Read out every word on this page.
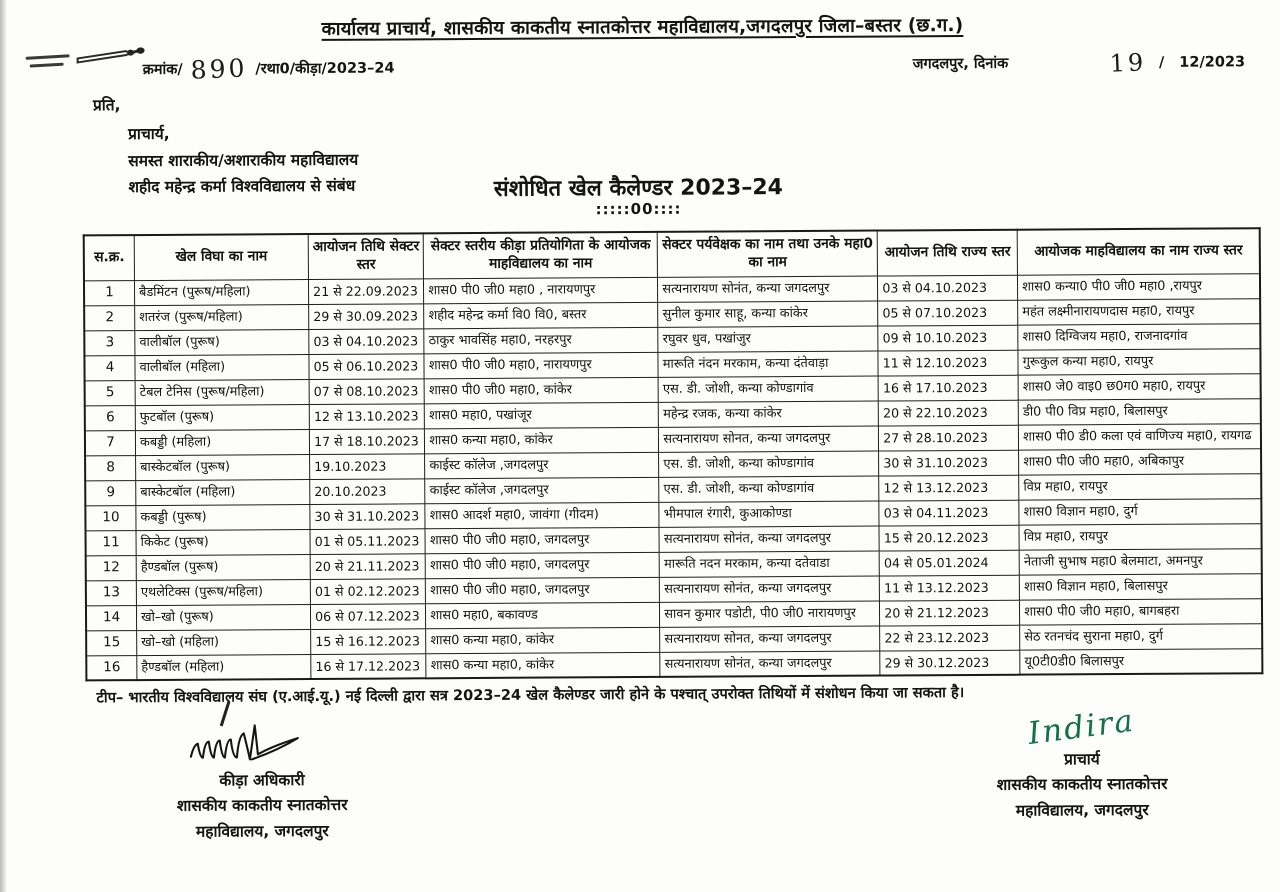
कार्यालय प्राचार्य, शासकीय काकतीय स्नातकोत्तर महाविद्यालय,जगदलपुर जिला–बस्तर (छ.ग.)
क्रमांक/ 890 /रथा0/कीड़ा/2023–24	जगदलपुर, दिनांक	19 / 12/2023
प्रति,
प्राचार्य,
समस्त शाराकीय/अशाराकीय महाविद्यालय
शहीद महेन्द्र कर्मा विश्वविद्यालय से संबंध	संशोधित खेल कैलेण्डर 2023–24
:::::00::::
स.क्र.	खेल विघा का नाम	आयोजन तिथि सेक्टर स्तर	सेक्टर स्तरीय कीड़ा प्रतियोगिता के आयोजक माहविद्यालय का नाम	सेक्टर पर्यवेक्षक का नाम तथा उनके महा0 का नाम	आयोजन तिथि राज्य स्तर	आयोजक माहविद्यालय का नाम राज्य स्तर
1	बैडमिंटन (पुरूष/महिला)	21 से 22.09.2023	शास0 पी0 जी0 महा0 , नारायणपुर	सत्यनारायण सोनंत, कन्या जगदलपुर	03 से 04.10.2023	शास0 कन्या0 पी0 जी0 महा0 ,रायपुर
2	शतरंज (पुरूष/महिला)	29 से 30.09.2023	शहीद महेन्द्र कर्मा वि0 वि0, बस्तर	सुनील कुमार साहू, कन्या कांकेर	05 से 07.10.2023	महंत लक्ष्मीनारायणदास महा0, रायपुर
3	वालीबॉल (पुरूष)	03 से 04.10.2023	ठाकुर भावसिंह महा0, नरहरपुर	रघुवर धुव, पखांजुर	09 से 10.10.2023	शास0 दिग्विजय महा0, राजनादगांव
4	वालीबॉल (महिला)	05 से 06.10.2023	शास0 पी0 जी0 महा0, नारायणपुर	मारूति नंदन मरकाम, कन्या दंतेवाड़ा	11 से 12.10.2023	गुरूकुल कन्या महा0, रायपुर
5	टेबल टेनिस (पुरूष/महिला)	07 से 08.10.2023	शास0 पी0 जी0 महा0, कांकेर	एस. डी. जोशी, कन्या कोण्डागांव	16 से 17.10.2023	शास0 जे0 वाइ0 छ0ग0 महा0, रायपुर
6	फुटबॉल (पुरूष)	12 से 13.10.2023	शास0 महा0, पखांजूर	महेन्द्र रजक, कन्या कांकेर	20 से 22.10.2023	डी0 पी0 विप्र महा0, बिलासपुर
7	कबड्डी (महिला)	17 से 18.10.2023	शास0 कन्या महा0, कांकेर	सत्यनारायण सोनत, कन्या जगदलपुर	27 से 28.10.2023	शास0 पी0 डी0 कला एवं वाणिज्य महा0, रायगढ
8	बास्केटबॉल (पुरूष)	19.10.2023	काईस्ट कॉलेज ,जगदलपुर	एस. डी. जोशी, कन्या कोण्डागांव	30 से 31.10.2023	शास0 पी0 जी0 महा0, अबिकापुर
9	बास्केटबॉल (महिला)	20.10.2023	काईस्ट कॉलेज ,जगदलपुर	एस. डी. जोशी, कन्या कोण्डागांव	12 से 13.12.2023	विप्र महा0, रायपुर
10	कबड्डी (पुरूष)	30 से 31.10.2023	शास0 आदर्श महा0, जावंगा (गीदम)	भीमपाल रंगारी, कुआकोण्डा	03 से 04.11.2023	शास0 विज्ञान महा0, दुर्ग
11	किकेट (पुरूष)	01 से 05.11.2023	शास0 पी0 जी0 महा0, जगदलपुर	सत्यनारायण सोनंत, कन्या जगदलपुर	15 से 20.12.2023	विप्र महा0, रायपुर
12	हैण्डबॉल (पुरूष)	20 से 21.11.2023	शास0 पी0 जी0 महा0, जगदलपुर	मारूति नदन मरकाम, कन्या दतेवाडा	04 से 05.01.2024	नेताजी सुभाष महा0 बेलमाटा, अमनपुर
13	एथलेटिक्स (पुरूष/महिला)	01 से 02.12.2023	शास0 पी0 जी0 महा0, जगदलपुर	सत्यनारायण सोनंत, कन्या जगदलपुर	11 से 13.12.2023	शास0 विज्ञान महा0, बिलासपुर
14	खो–खो (पुरूष)	06 से 07.12.2023	शास0 महा0, बकावण्ड	सावन कुमार पडोटी, पी0 जी0 नारायणपुर	20 से 21.12.2023	शास0 पी0 जी0 महा0, बागबहरा
15	खो–खो (महिला)	15 से 16.12.2023	शास0 कन्या महा0, कांकेर	सत्यनारायण सोनत, कन्या जगदलपुर	22 से 23.12.2023	सेठ रतनचंद सुराना महा0, दुर्ग
16	हैण्डबॉल (महिला)	16 से 17.12.2023	शास0 कन्या महा0, कांकेर	सत्यनारायण सोनंत, कन्या जगदलपुर	29 से 30.12.2023	यू0टी0डी0 बिलासपुर
टीप– भारतीय विश्वविद्यालय संघ (ए.आई.यू.) नई दिल्ली द्वारा सत्र 2023–24 खेल कैलेण्डर जारी होने के पश्चात् उपरोक्त तिथियों में संशोधन किया जा सकता है।
कीड़ा अधिकारी
शासकीय काकतीय स्नातकोत्तर
महाविद्यालय, जगदलपुर
Indira
प्राचार्य
शासकीय काकतीय स्नातकोत्तर
महाविद्यालय, जगदलपुर
